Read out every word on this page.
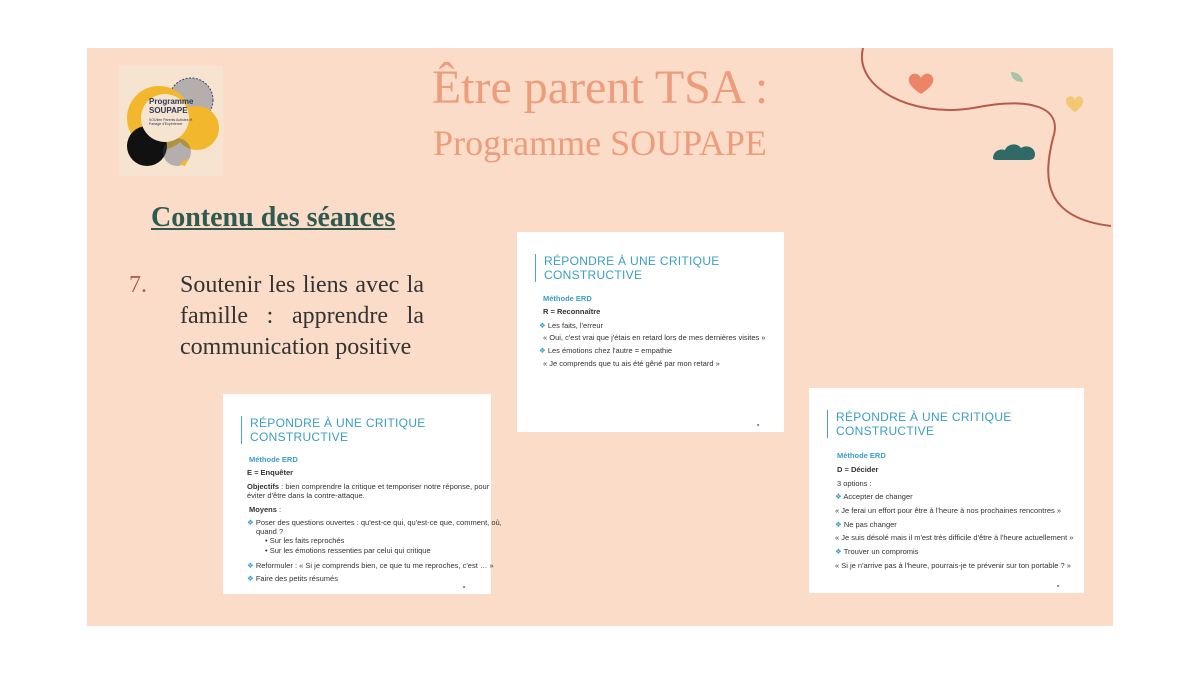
Programme
SOUPAPE
SOUtien Parents Autistes et Partage d'Expérience
Être parent TSA :
Programme SOUPAPE
Contenu des séances
7. Soutenir les liens avec la famille : apprendre la communication positive
RÉPONDRE À UNE CRITIQUE CONSTRUCTIVE
Méthode ERD
R = Reconnaître
❖ Les faits, l'erreur
« Oui, c'est vrai que j'étais en retard lors de mes dernières visites »
❖ Les émotions chez l'autre = empathie
« Je comprends que tu ais été gêné par mon retard »
■
RÉPONDRE À UNE CRITIQUE CONSTRUCTIVE
Méthode ERD
E = Enquêter
Objectifs : bien comprendre la critique et temporiser notre réponse, pour
éviter d'être dans la contre-attaque.
Moyens :
❖ Poser des questions ouvertes : qu'est-ce qui, qu'est-ce que, comment, où,
quand ?
• Sur les faits reprochés
• Sur les émotions ressenties par celui qui critique
❖ Reformuler : « Si je comprends bien, ce que tu me reproches, c'est … »
❖ Faire des petits résumés
■
RÉPONDRE À UNE CRITIQUE CONSTRUCTIVE
Méthode ERD
D = Décider
3 options :
❖ Accepter de changer
« Je ferai un effort pour être à l'heure à nos prochaines rencontres »
❖ Ne pas changer
« Je suis désolé mais il m'est très difficile d'être à l'heure actuellement »
❖ Trouver un compromis
« Si je n'arrive pas à l'heure, pourrais-je te prévenir sur ton portable ? »
■
